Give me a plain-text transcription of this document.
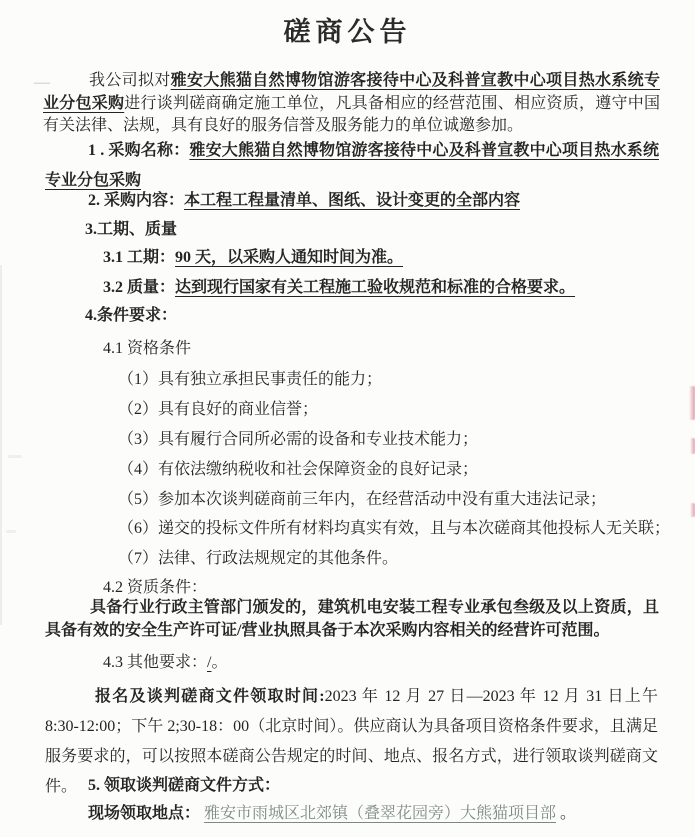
磋商公告
—	我公司拟对雅安大熊猫自然博物馆游客接待中心及科普宣教中心项目热水系统专业分包采购进行谈判磋商确定施工单位，凡具备相应的经营范围、相应资质，遵守中国有关法律、法规，具有良好的服务信誉及服务能力的单位诚邀参加。

1 . 采购名称：雅安大熊猫自然博物馆游客接待中心及科普宣教中心项目热水系统专业分包采购

2. 采购内容：本工程工程量清单、图纸、设计变更的全部内容

3.工期、质量

3.1 工期：90 天，以采购人通知时间为准。

3.2 质量：达到现行国家有关工程施工验收规范和标准的合格要求。

4.条件要求：

4.1 资格条件

（1）具有独立承担民事责任的能力；

（2）具有良好的商业信誉；

（3）具有履行合同所必需的设备和专业技术能力；

（4）有依法缴纳税收和社会保障资金的良好记录；

（5）参加本次谈判磋商前三年内，在经营活动中没有重大违法记录；

（6）递交的投标文件所有材料均真实有效，且与本次磋商其他投标人无关联；

（7）法律、行政法规规定的其他条件。

4.2 资质条件：

具备行业行政主管部门颁发的，建筑机电安装工程专业承包叁级及以上资质，且具备有效的安全生产许可证/营业执照具备于本次采购内容相关的经营许可范围。

4.3 其他要求：/。

报名及谈判磋商文件领取时间:2023 年 12 月 27 日—2023 年 12 月 31 日上午 8:30-12:00；下午 2;30-18：00（北京时间）。供应商认为具备项目资格条件要求，且满足服务要求的，可以按照本磋商公告规定的时间、地点、报名方式，进行领取谈判磋商文件。 5. 领取谈判磋商文件方式：

现场领取地点： 雅安市雨城区北郊镇（叠翠花园旁）大熊猫项目部 。
